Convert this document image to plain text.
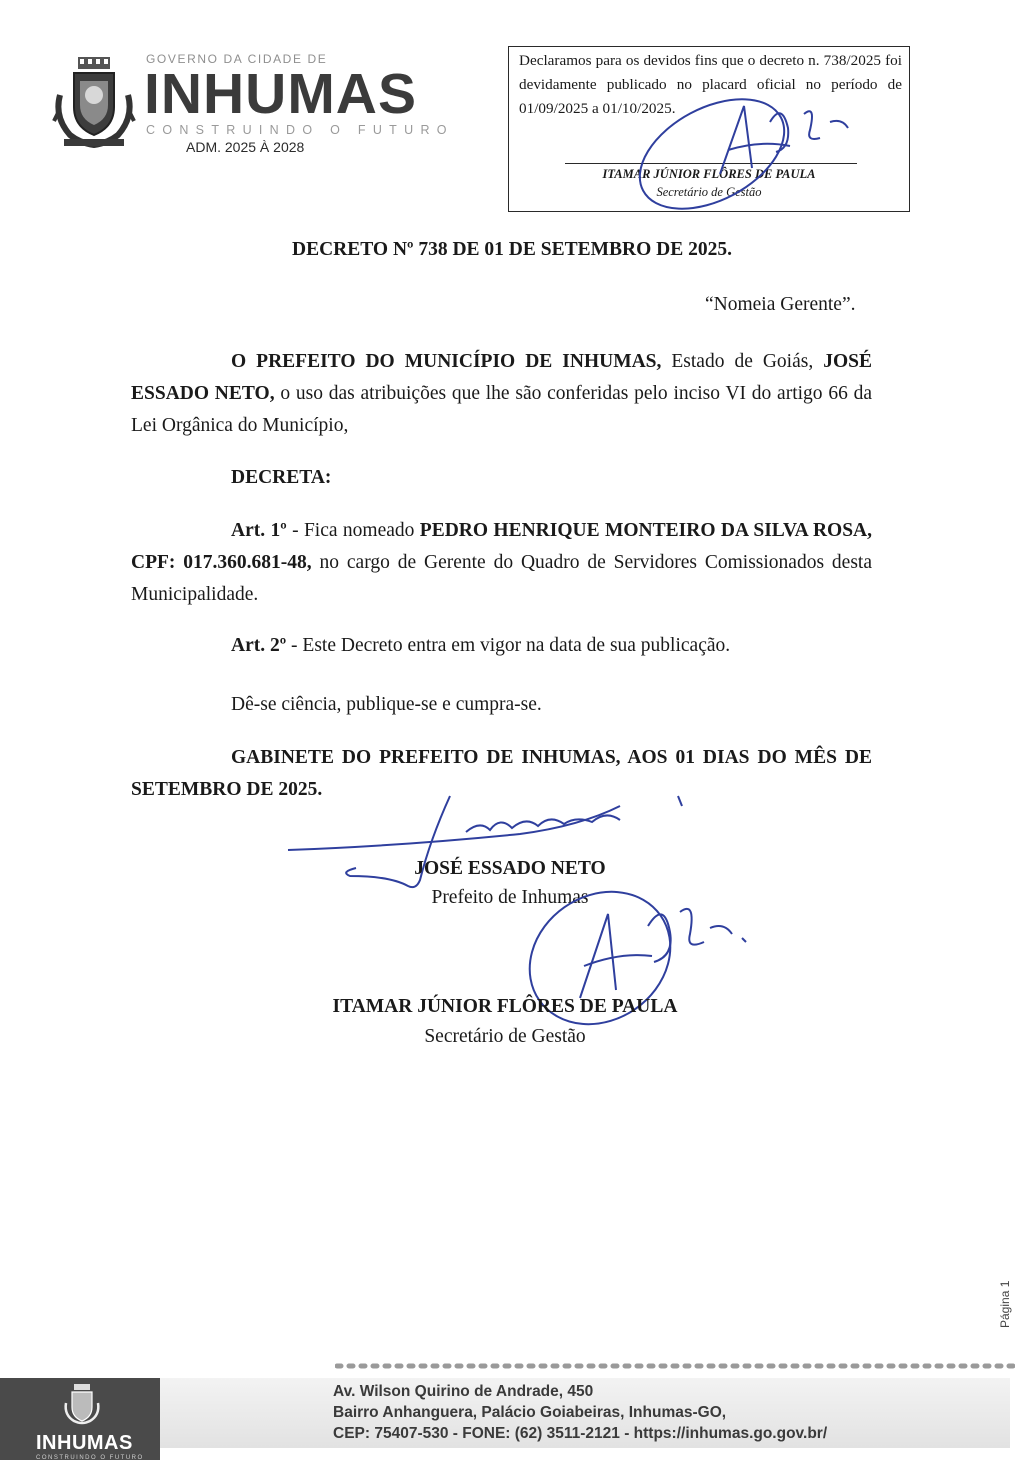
GOVERNO DA CIDADE DE
INHUMAS
CONSTRUINDO O FUTURO
ADM. 2025 À 2028
Declaramos para os devidos fins que o decreto n. 738/2025 foi devidamente publicado no placard oficial no período de 01/09/2025 a 01/10/2025.
ITAMAR JÚNIOR FLÔRES DE PAULA
Secretário de Gestão
DECRETO Nº 738 DE 01 DE SETEMBRO DE 2025.
“Nomeia Gerente”.
O PREFEITO DO MUNICÍPIO DE INHUMAS, Estado de Goiás, JOSÉ ESSADO NETO, o uso das atribuições que lhe são conferidas pelo inciso VI do artigo 66 da Lei Orgânica do Município,
DECRETA:
Art. 1º - Fica nomeado PEDRO HENRIQUE MONTEIRO DA SILVA ROSA, CPF: 017.360.681-48, no cargo de Gerente do Quadro de Servidores Comissionados desta Municipalidade.
Art. 2º - Este Decreto entra em vigor na data de sua publicação.
Dê-se ciência, publique-se e cumpra-se.
GABINETE DO PREFEITO DE INHUMAS, AOS 01 DIAS DO MÊS DE SETEMBRO DE 2025.
JOSÉ ESSADO NETO
Prefeito de Inhumas
ITAMAR JÚNIOR FLÔRES DE PAULA
Secretário de Gestão
Página 1
INHUMAS
CONSTRUINDO O FUTURO
Av. Wilson Quirino de Andrade, 450
Bairro Anhanguera, Palácio Goiabeiras, Inhumas-GO,
CEP: 75407-530 - FONE: (62) 3511-2121 - https://inhumas.go.gov.br/
